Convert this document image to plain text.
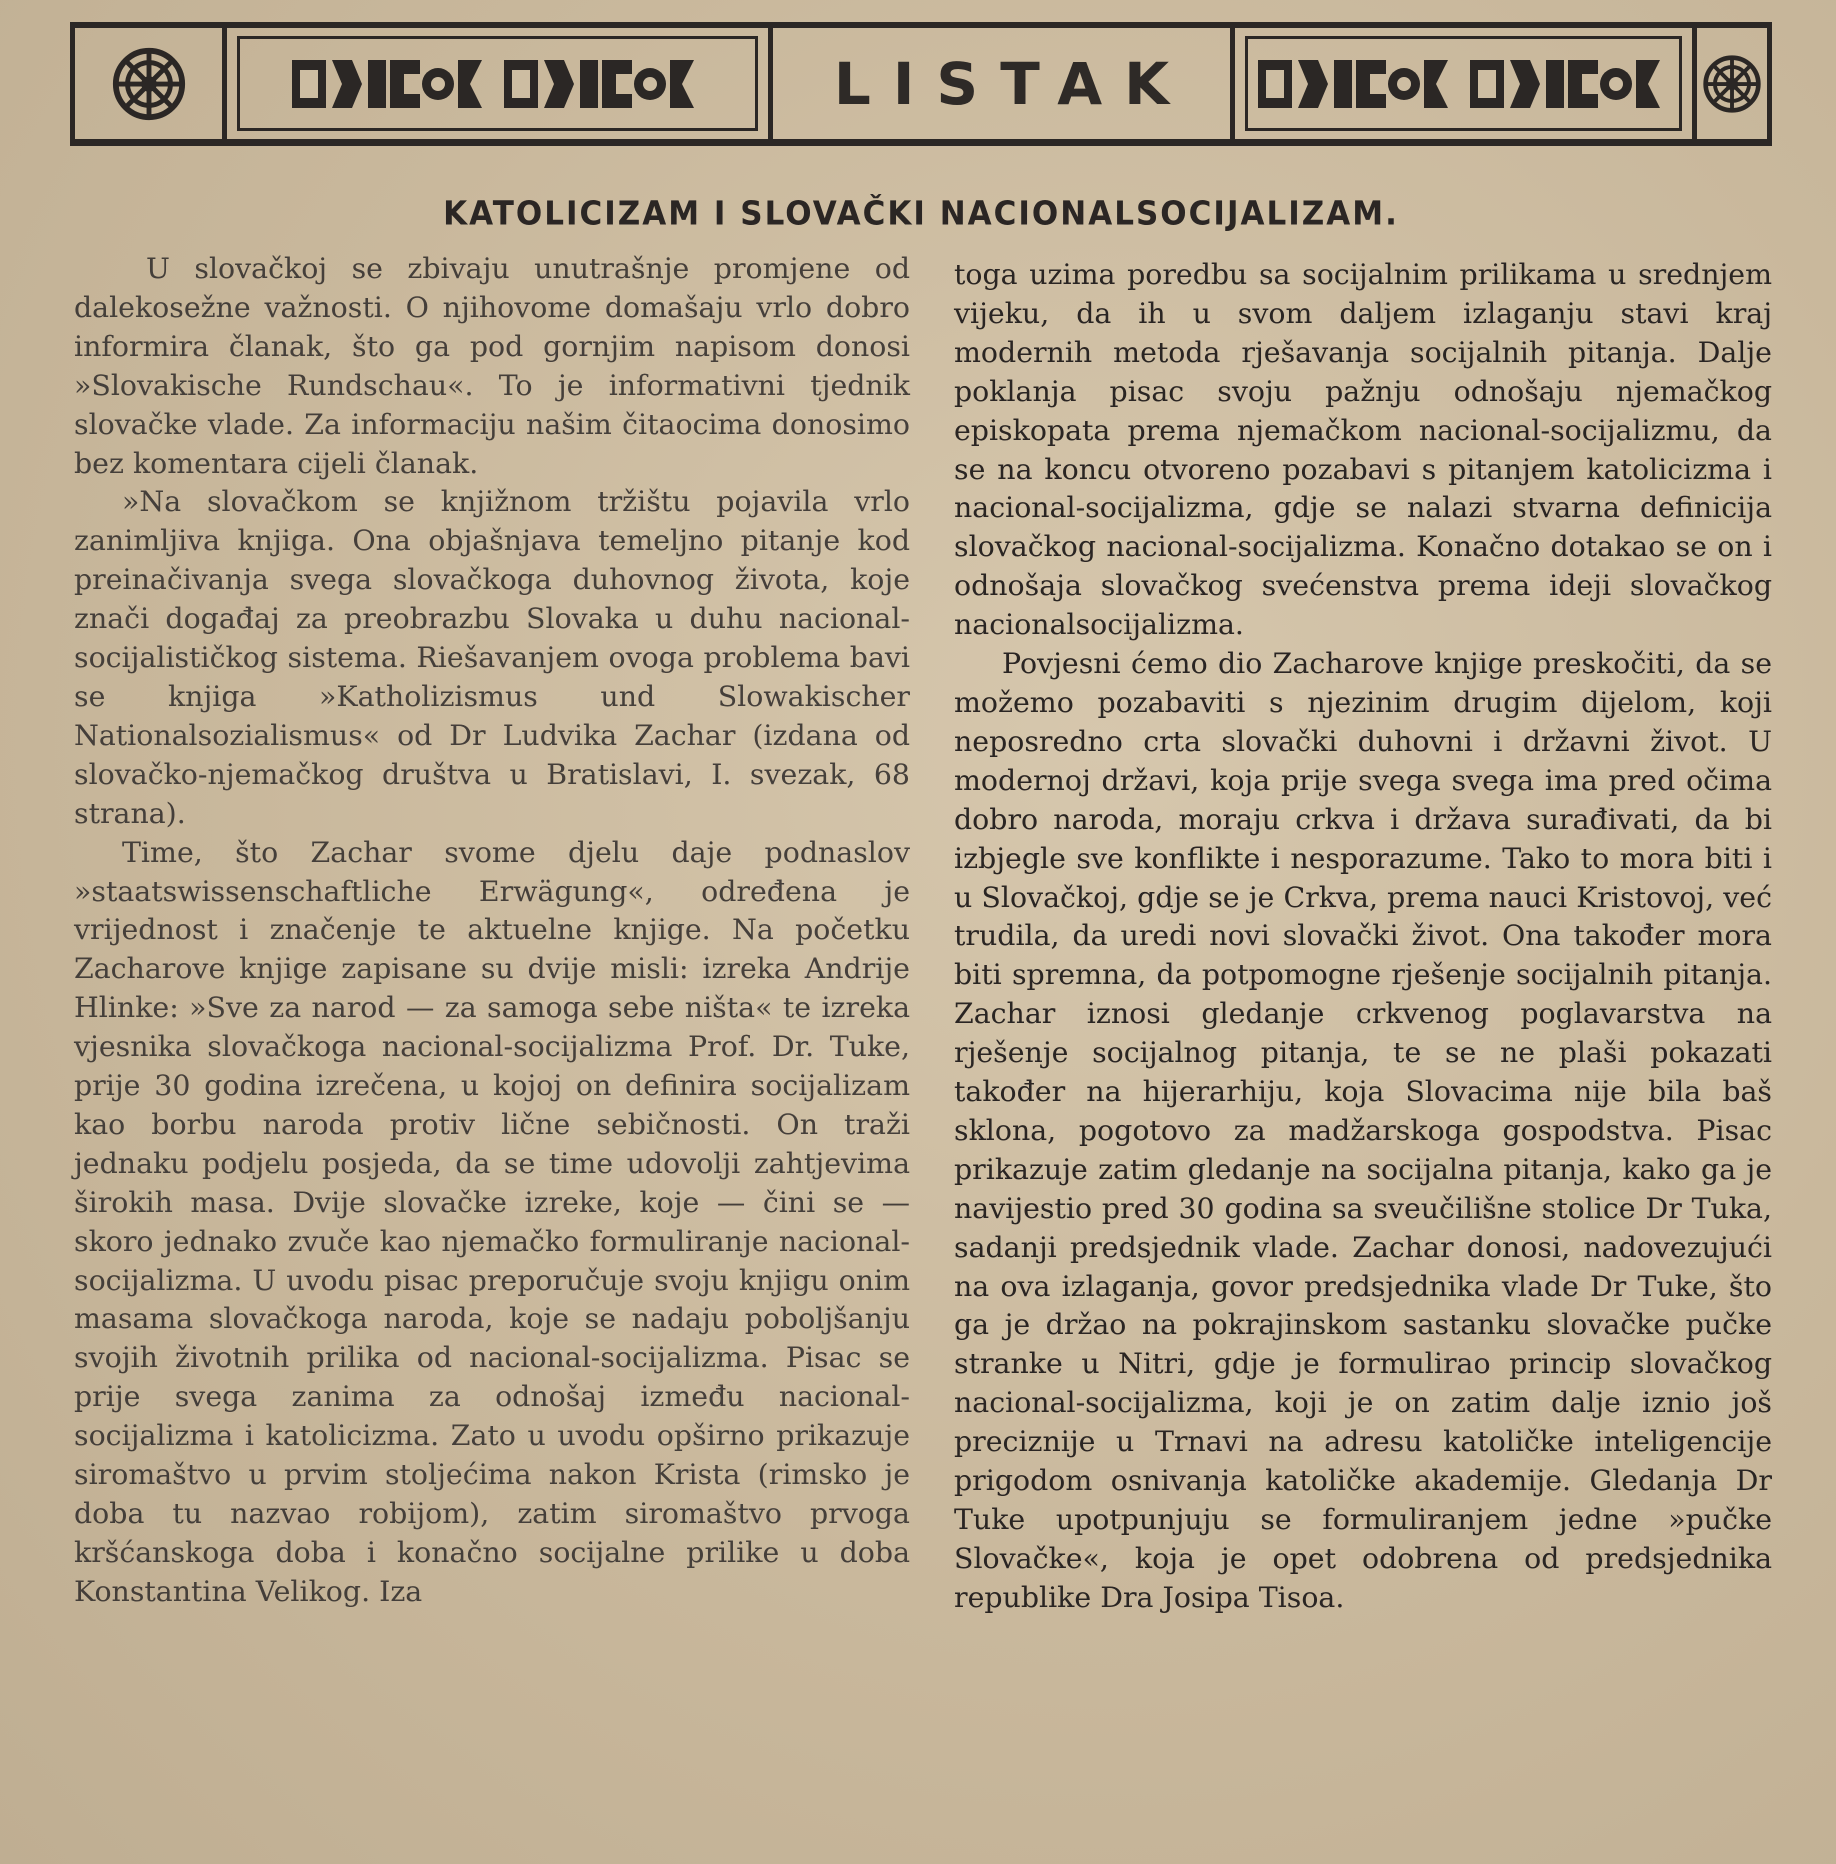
LISTAK
KATOLICIZAM I SLOVAČKI NACIONALSOCIJALIZAM.

U slovačkoj se zbivaju unutrašnje promjene od dalekosežne važnosti. O njihovome domašaju vrlo dobro informira članak, što ga pod gornjim napisom donosi »Slovakische Rundschau«. To je informativni tjednik slovačke vlade. Za informaciju našim čitaocima donosimo bez komentara cijeli članak.

»Na slovačkom se knjižnom tržištu pojavila vrlo zanimljiva knjiga. Ona objašnjava temeljno pitanje kod preinačivanja svega slovačkoga duhovnog života, koje znači događaj za preobrazbu Slovaka u duhu nacional-socijalističkog sistema. Riešavanjem ovoga problema bavi se knjiga »Katholizismus und Slowakischer Nationalsozialismus« od Dr Ludvika Zachar (izdana od slovačko-njemačkog društva u Bratislavi, I. svezak, 68 strana).

Time, što Zachar svome djelu daje podnaslov »staatswissenschaftliche Erwägung«, određena je vrijednost i značenje te aktuelne knjige. Na početku Zacharove knjige zapisane su dvije misli: izreka Andrije Hlinke: »Sve za narod — za samoga sebe ništa« te izreka vjesnika slovačkoga nacional-socijalizma Prof. Dr. Tuke, prije 30 godina izrečena, u kojoj on definira socijalizam kao borbu naroda protiv lične sebičnosti. On traži jednaku podjelu posjeda, da se time udovolji zahtjevima širokih masa. Dvije slovačke izreke, koje — čini se — skoro jednako zvuče kao njemačko formuliranje nacional-socijalizma. U uvodu pisac preporučuje svoju knjigu onim masama slovačkoga naroda, koje se nadaju poboljšanju svojih životnih prilika od nacional-socijalizma. Pisac se prije svega zanima za odnošaj između nacional-socijalizma i katolicizma. Zato u uvodu opširno prikazuje siromaštvo u prvim stoljećima nakon Krista (rimsko je doba tu nazvao robijom), zatim siromaštvo prvoga kršćanskoga doba i konačno socijalne prilike u doba Konstantina Velikog. Iza

toga uzima poredbu sa socijalnim prilikama u srednjem vijeku, da ih u svom daljem izlaganju stavi kraj modernih metoda rješavanja socijalnih pitanja. Dalje poklanja pisac svoju pažnju odnošaju njemačkog episkopata prema njemačkom nacional-socijalizmu, da se na koncu otvoreno pozabavi s pitanjem katolicizma i nacional-socijalizma, gdje se nalazi stvarna definicija slovačkog nacional-socijalizma. Konačno dotakao se on i odnošaja slovačkog svećenstva prema ideji slovačkog nacionalsocijalizma.

Povjesni ćemo dio Zacharove knjige preskočiti, da se možemo pozabaviti s njezinim drugim dijelom, koji neposredno crta slovački duhovni i državni život. U modernoj državi, koja prije svega svega ima pred očima dobro naroda, moraju crkva i država surađivati, da bi izbjegle sve konflikte i nesporazume. Tako to mora biti i u Slovačkoj, gdje se je Crkva, prema nauci Kristovoj, već trudila, da uredi novi slovački život. Ona također mora biti spremna, da potpomogne rješenje socijalnih pitanja. Zachar iznosi gledanje crkvenog poglavarstva na rješenje socijalnog pitanja, te se ne plaši pokazati također na hijerarhiju, koja Slovacima nije bila baš sklona, pogotovo za madžarskoga gospodstva. Pisac prikazuje zatim gledanje na socijalna pitanja, kako ga je navijestio pred 30 godina sa sveučilišne stolice Dr Tuka, sadanji predsjednik vlade. Zachar donosi, nadovezujući na ova izlaganja, govor predsjednika vlade Dr Tuke, što ga je držao na pokrajinskom sastanku slovačke pučke stranke u Nitri, gdje je formulirao princip slovačkog nacional-socijalizma, koji je on zatim dalje iznio još preciznije u Trnavi na adresu katoličke inteligencije prigodom osnivanja katoličke akademije. Gledanja Dr Tuke upotpunjuju se formuliranjem jedne »pučke Slovačke«, koja je opet odobrena od predsjednika republike Dra Josipa Tisoa.
